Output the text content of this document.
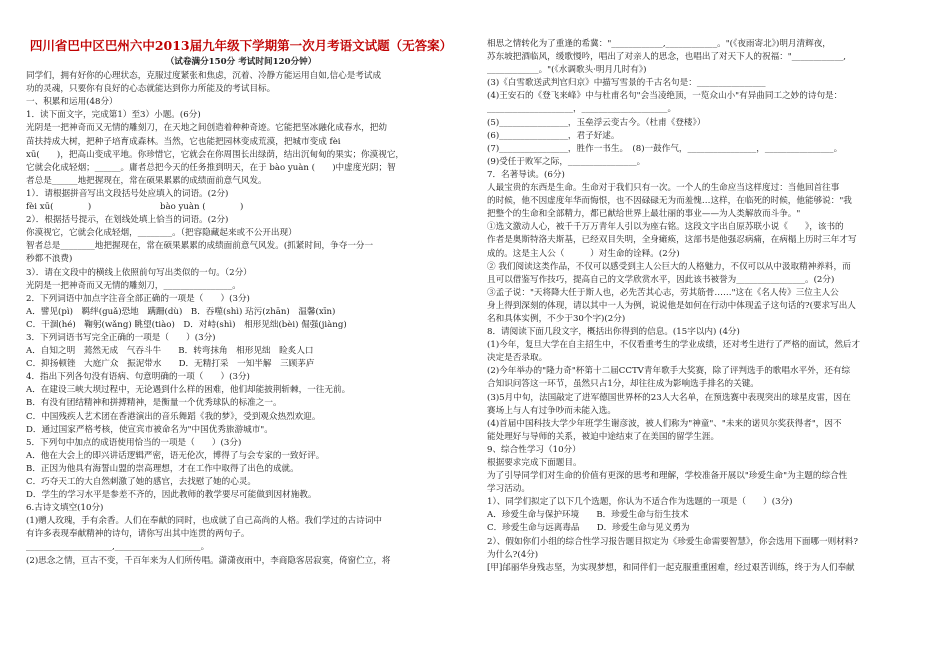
四川省巴中区巴州六中2013届九年级下学期第一次月考语文试题（无答案）

（试卷满分150分 考试时间120分钟）

同学们，拥有好你的心理状态，克服过度紧张和焦虑，沉着、冷静方能运用自如,信心是考试成

功的灵魂，只要你有良好的心态就能达到你力所能及的考试目标。

一、积累和运用(48分）

1．读下面文字，完成第1）至3）小题。(6分)

光阴是一把神奇而又无情的雕刻刀，在天地之间创造着种种奇迹。它能把坚冰融化成春水，把幼

苗扶持成大树，把种子培育成森林。当然，它也能把园林变成荒漠，把城市变成 fèi

xū(　　)，把高山变成平地。你珍惜它，它就会在你周围长出绿荫，结出沉甸甸的果实；你漠视它，

它就会化成轻烟；______。庸者总把今天的任务推到明天，在于 bào yuàn (　　)中虚度光阴；智

者总是______地把握现在，常在硕果累累的成绩面前意气风发。

1）．请根据拼音写出文段括号处应填入的词语。(2分)

fèi xū(　　　　)　　　　　　　　bào yuàn (　　　　)

2）．根据括号提示，在划线处填上恰当的词语。(2分)

你漠视它，它就会化成轻烟，________。（把容隐藏起来或不公开出现）

智者总是________地把握现在，常在硕果累累的成绩面前意气风发。(抓紧时间，争夺一分一

秒都不浪费)

3）．请在文段中的横线上依照前句写出类似的一句。（2分）

光阴是一把神奇而又无情的雕刻刀，________________。

2．下列词语中加点字注音全部正确的一项是（　　）(3分)

A．譬见(pì)　羁绊(guǎ)恐地　蹒跚(dù)　B．吞噬(shì) 玷污(zhān)　温馨(xīn)

C．干涸(hé)　鞠躬(wǎng) 眺望(tiào)　D．对峙(shì)　相形见绌(bèi) 倔强(jiàng)

3．下列词语书写完全正确的一项是（　　）(3分)

A．自知之明　蔫然无成　气吞斗牛　　B．转弯抹角　相形见绌　睑炙人口

C．抑扬顿锉　大庭广众　振泥带水　　D．无精打采　一知半解　三顾茅庐

4．指出下列各句没有语病、句意明确的一项（　　）(3分)

A．在建设三峡大坝过程中，无论遇到什么样的困难，他们却能披荆斩棘，一往无前。

B．有没有团结精神和拼搏精神，是衡量一个优秀球队的标准之一。

C．中国残疾人艺术团在香港演出的音乐舞蹈《我的梦》，受到观众热烈欢迎。

D．通过国家严格考核，使宣宾市被命名为"中国优秀旅游城市"。

5．下列句中加点的成语使用恰当的一项是（　　）(3分)

A．他在大会上的即兴讲话逻辑严密，语无伦次，博得了与会专家的一致好评。

B．正因为他具有海誓山盟的崇高理想，才在工作中取得了出色的成就。

C．巧夺天工的大自然刺激了她的感官，去找慰了她的心灵。

D．学生的学习水平是参差不齐的，因此教师的教学要尽可能做到因材施教。

6.古诗文填空(10分)

(1)赠人玫瑰，手有余香。人们在奉献的同时，也成就了自己高尚的人格。我们学过的古诗词中

有许多表现奉献精神的诗句，请你写出其中连贯的两句子。

____________________,____________________。

(2)思念之情，亘古不变，千百年来为人们所传唱。潇潇夜雨中，李商隐客居寂寞，倚窗伫立，将

相思之情转化为了重逢的希冀："____________,____________。"(《夜雨寄北》)明月清辉夜，

苏东坡把酒临风，缓歌慢吟，唱出了对亲人的思念，也唱出了对天下人的祝福："____________,

____________。"(《水调歌头·明月几时有》)

(3)《白雪歌送武判官归京》中描写雪景的千古名句是：________________

(4)王安石的《登飞来峰》中与杜甫名句"会当凌绝顶，一览众山小"有异曲同工之妙的诗句是：

____________________，____________________。

(5)________________，玉垒浮云变古今。（杜甫《登楼》）

(6)________________，君子好逑。

(7)________________，胜作一书生。　(8)一鼓作气，________________，________________。

(9)受任于败军之际，________________。

7．名著导读。(6分)

人最宝贵的东西是生命。生命对于我们只有一次。一个人的生命应当这样度过：当他回首往事

的时候，他不因虚度年华而悔恨，也不因碌碌无为而羞愧…这样，在临死的时候，他能够说："我

把整个的生命和全部精力，都已献给世界上最壮丽的事业——为人类解放而斗争。"

①选文激动人心，被千千万万青年人引以为座右铭。这段文字出自原苏联小说《　　》，该书的

作者是奥斯特洛夫斯基，已经双目失明，全身瘫痪，这部书是他强忍病痛，在病榻上历时三年才写

成的。这是主人公（　　　）对生命的诠释。(2分)

② 我们阅读这类作品，不仅可以感受到主人公巨大的人格魅力，不仅可以从中汲取精神养料，而

且可以借鉴写作技巧，提高自己的文学欣赏水平，因此该书被誉为________________。(2分)

③孟子说："天将降大任于斯人也，必先苦其心志，劳其筋骨……"这在《名人传》三位主人公

身上得到深刻的体现，请以其中一人为例，说说他是如何在行动中体现孟子这句话的?(要求写出人

名和具体实例，不少于30个字)(2分)

8．请阅读下面几段文字，概括出你得到的信息。(15字以内) (4分)

(1)今年，复旦大学在自主招生中，不仅看重考生的学业成绩，还对考生进行了严格的面试，然后才

决定是否录取。

(2)今年举办的"隆力奇"杯第十二届CCTV青年歌手大奖赛，除了评判选手的歌唱水平外，还有综

合知识问答这一环节，虽然只占1分，却往往成为影响选手排名的关键。

(3)5月中旬，法国敲定了进军德国世界杯的23人大名单，在预选赛中表现突出的球星皮雷，因在

赛场上与人有过争吵而未能入选。

(4)首届中国科技大学少年班学生谢彦波，被人们称为"神童"、"未来的诺贝尔奖获得者"，因不

能处理好与导师的关系，被迫中途结束了在美国的留学生涯。

9、综合性学习（10分）

根据要求完成下面题目。

为了引导同学们对生命的价值有更深的思考和理解，学校准备开展以"珍爱生命"为主题的综合性

学习活动。

1）、同学们拟定了以下几个选题，你认为不适合作为选题的一项是（　　）(3分)

A．珍爱生命与保护环境　　B．珍爱生命与衍生技术

C．珍爱生命与远离毒品　　D．珍爱生命与见义勇为

2）、假如你们小组的综合性学习报告题目拟定为《珍爱生命需要智慧》，你会选用下面哪一则材料?

为什么?(4分)

[甲]邰丽华身残志坚，为实现梦想，和同伴们一起克服重重困难，经过艰苦训练，终于为人们奉献
